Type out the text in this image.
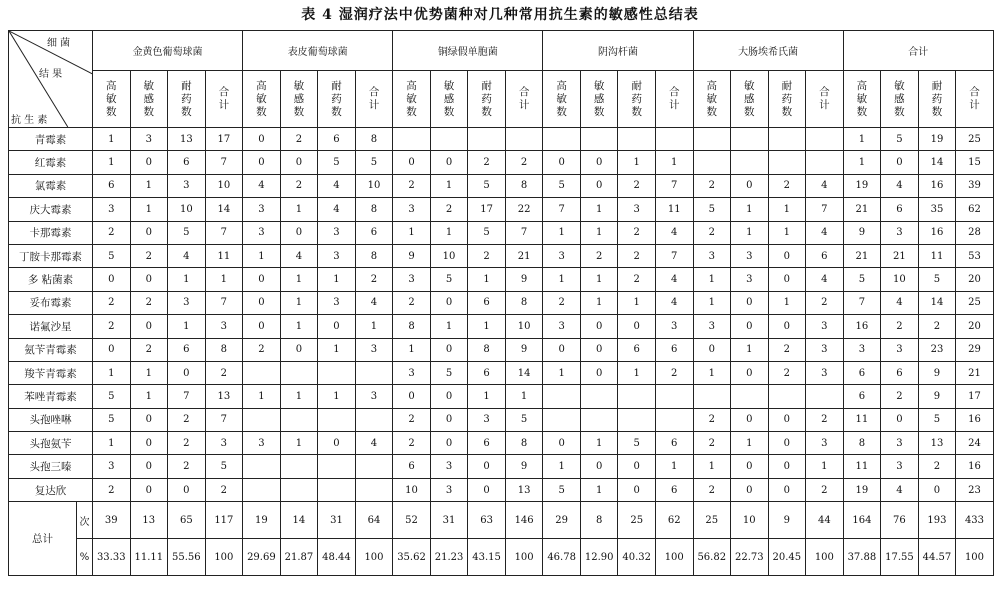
表 4 湿润疗法中优势菌种对几种常用抗生素的敏感性总结表
细 菌
结 果
抗 生 素		金黄色葡萄球菌				表皮葡萄球菌				铜绿假单胞菌				阴沟杆菌				大肠埃希氏菌				合计			
		高敏数	敏感数	耐药数	合计	高敏数	敏感数	耐药数	合计	高敏数	敏感数	耐药数	合计	高敏数	敏感数	耐药数	合计	高敏数	敏感数	耐药数	合计	高敏数	敏感数	耐药数	合计
青霉素		1	3	13	17	0	2	6	8													1	5	19	25
红霉素		1	0	6	7	0	0	5	5	0	0	2	2	0	0	1	1					1	0	14	15
氯霉素		6	1	3	10	4	2	4	10	2	1	5	8	5	0	2	7	2	0	2	4	19	4	16	39
庆大霉素		3	1	10	14	3	1	4	8	3	2	17	22	7	1	3	11	5	1	1	7	21	6	35	62
卡那霉素		2	0	5	7	3	0	3	6	1	1	5	7	1	1	2	4	2	1	1	4	9	3	16	28
丁胺卡那霉素		5	2	4	11	1	4	3	8	9	10	2	21	3	2	2	7	3	3	0	6	21	21	11	53
多 粘菌素		0	0	1	1	0	1	1	2	3	5	1	9	1	1	2	4	1	3	0	4	5	10	5	20
妥布霉素		2	2	3	7	0	1	3	4	2	0	6	8	2	1	1	4	1	0	1	2	7	4	14	25
诺氟沙星		2	0	1	3	0	1	0	1	8	1	1	10	3	0	0	3	3	0	0	3	16	2	2	20
氨苄青霉素		0	2	6	8	2	0	1	3	1	0	8	9	0	0	6	6	0	1	2	3	3	3	23	29
羧苄青霉素		1	1	0	2					3	5	6	14	1	0	1	2	1	0	2	3	6	6	9	21
苯唑青霉素		5	1	7	13	1	1	1	3	0	0	1	1									6	2	9	17
头孢唑啉		5	0	2	7					2	0	3	5					2	0	0	2	11	0	5	16
头孢氨苄		1	0	2	3	3	1	0	4	2	0	6	8	0	1	5	6	2	1	0	3	8	3	13	24
头孢三嗪		3	0	2	5					6	3	0	9	1	0	0	1	1	0	0	1	11	3	2	16
复达欣		2	0	0	2					10	3	0	13	5	1	0	6	2	0	0	2	19	4	0	23
总计	次	39	13	65	117	19	14	31	64	52	31	63	146	29	8	25	62	25	10	9	44	164	76	193	433
	%	33.33	11.11	55.56	100	29.69	21.87	48.44	100	35.62	21.23	43.15	100	46.78	12.90	40.32	100	56.82	22.73	20.45	100	37.88	17.55	44.57	100
